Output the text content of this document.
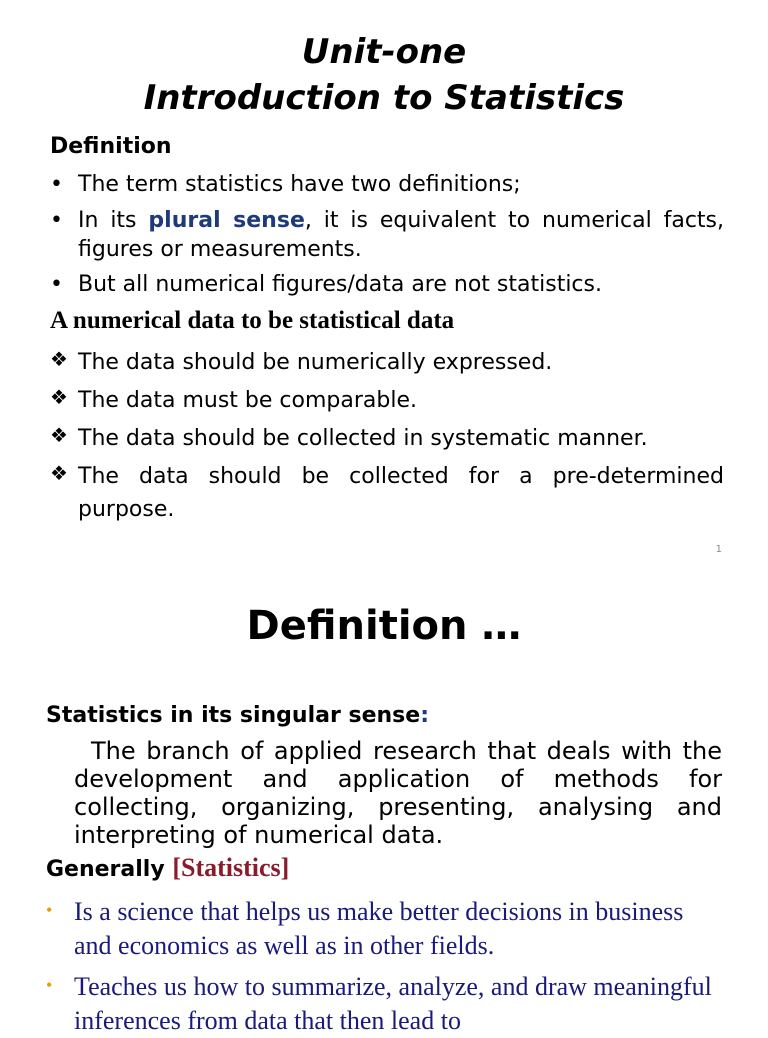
Unit-one
Introduction to Statistics
Definition
• The term statistics have two definitions;
• In its plural sense, it is equivalent to numerical facts, figures or measurements.
• But all numerical figures/data are not statistics.
A numerical data to be statistical data
❖ The data should be numerically expressed.
❖ The data must be comparable.
❖ The data should be collected in systematic manner.
❖ The data should be collected for a pre-determined purpose.
1
Definition …
Statistics in its singular sense:
The branch of applied research that deals with the development and application of methods for collecting, organizing, presenting, analysing and interpreting of numerical data.
Generally [Statistics]
• Is a science that helps us make better decisions in business and economics as well as in other fields.
• Teaches us how to summarize, analyze, and draw meaningful inferences from data that then lead to
